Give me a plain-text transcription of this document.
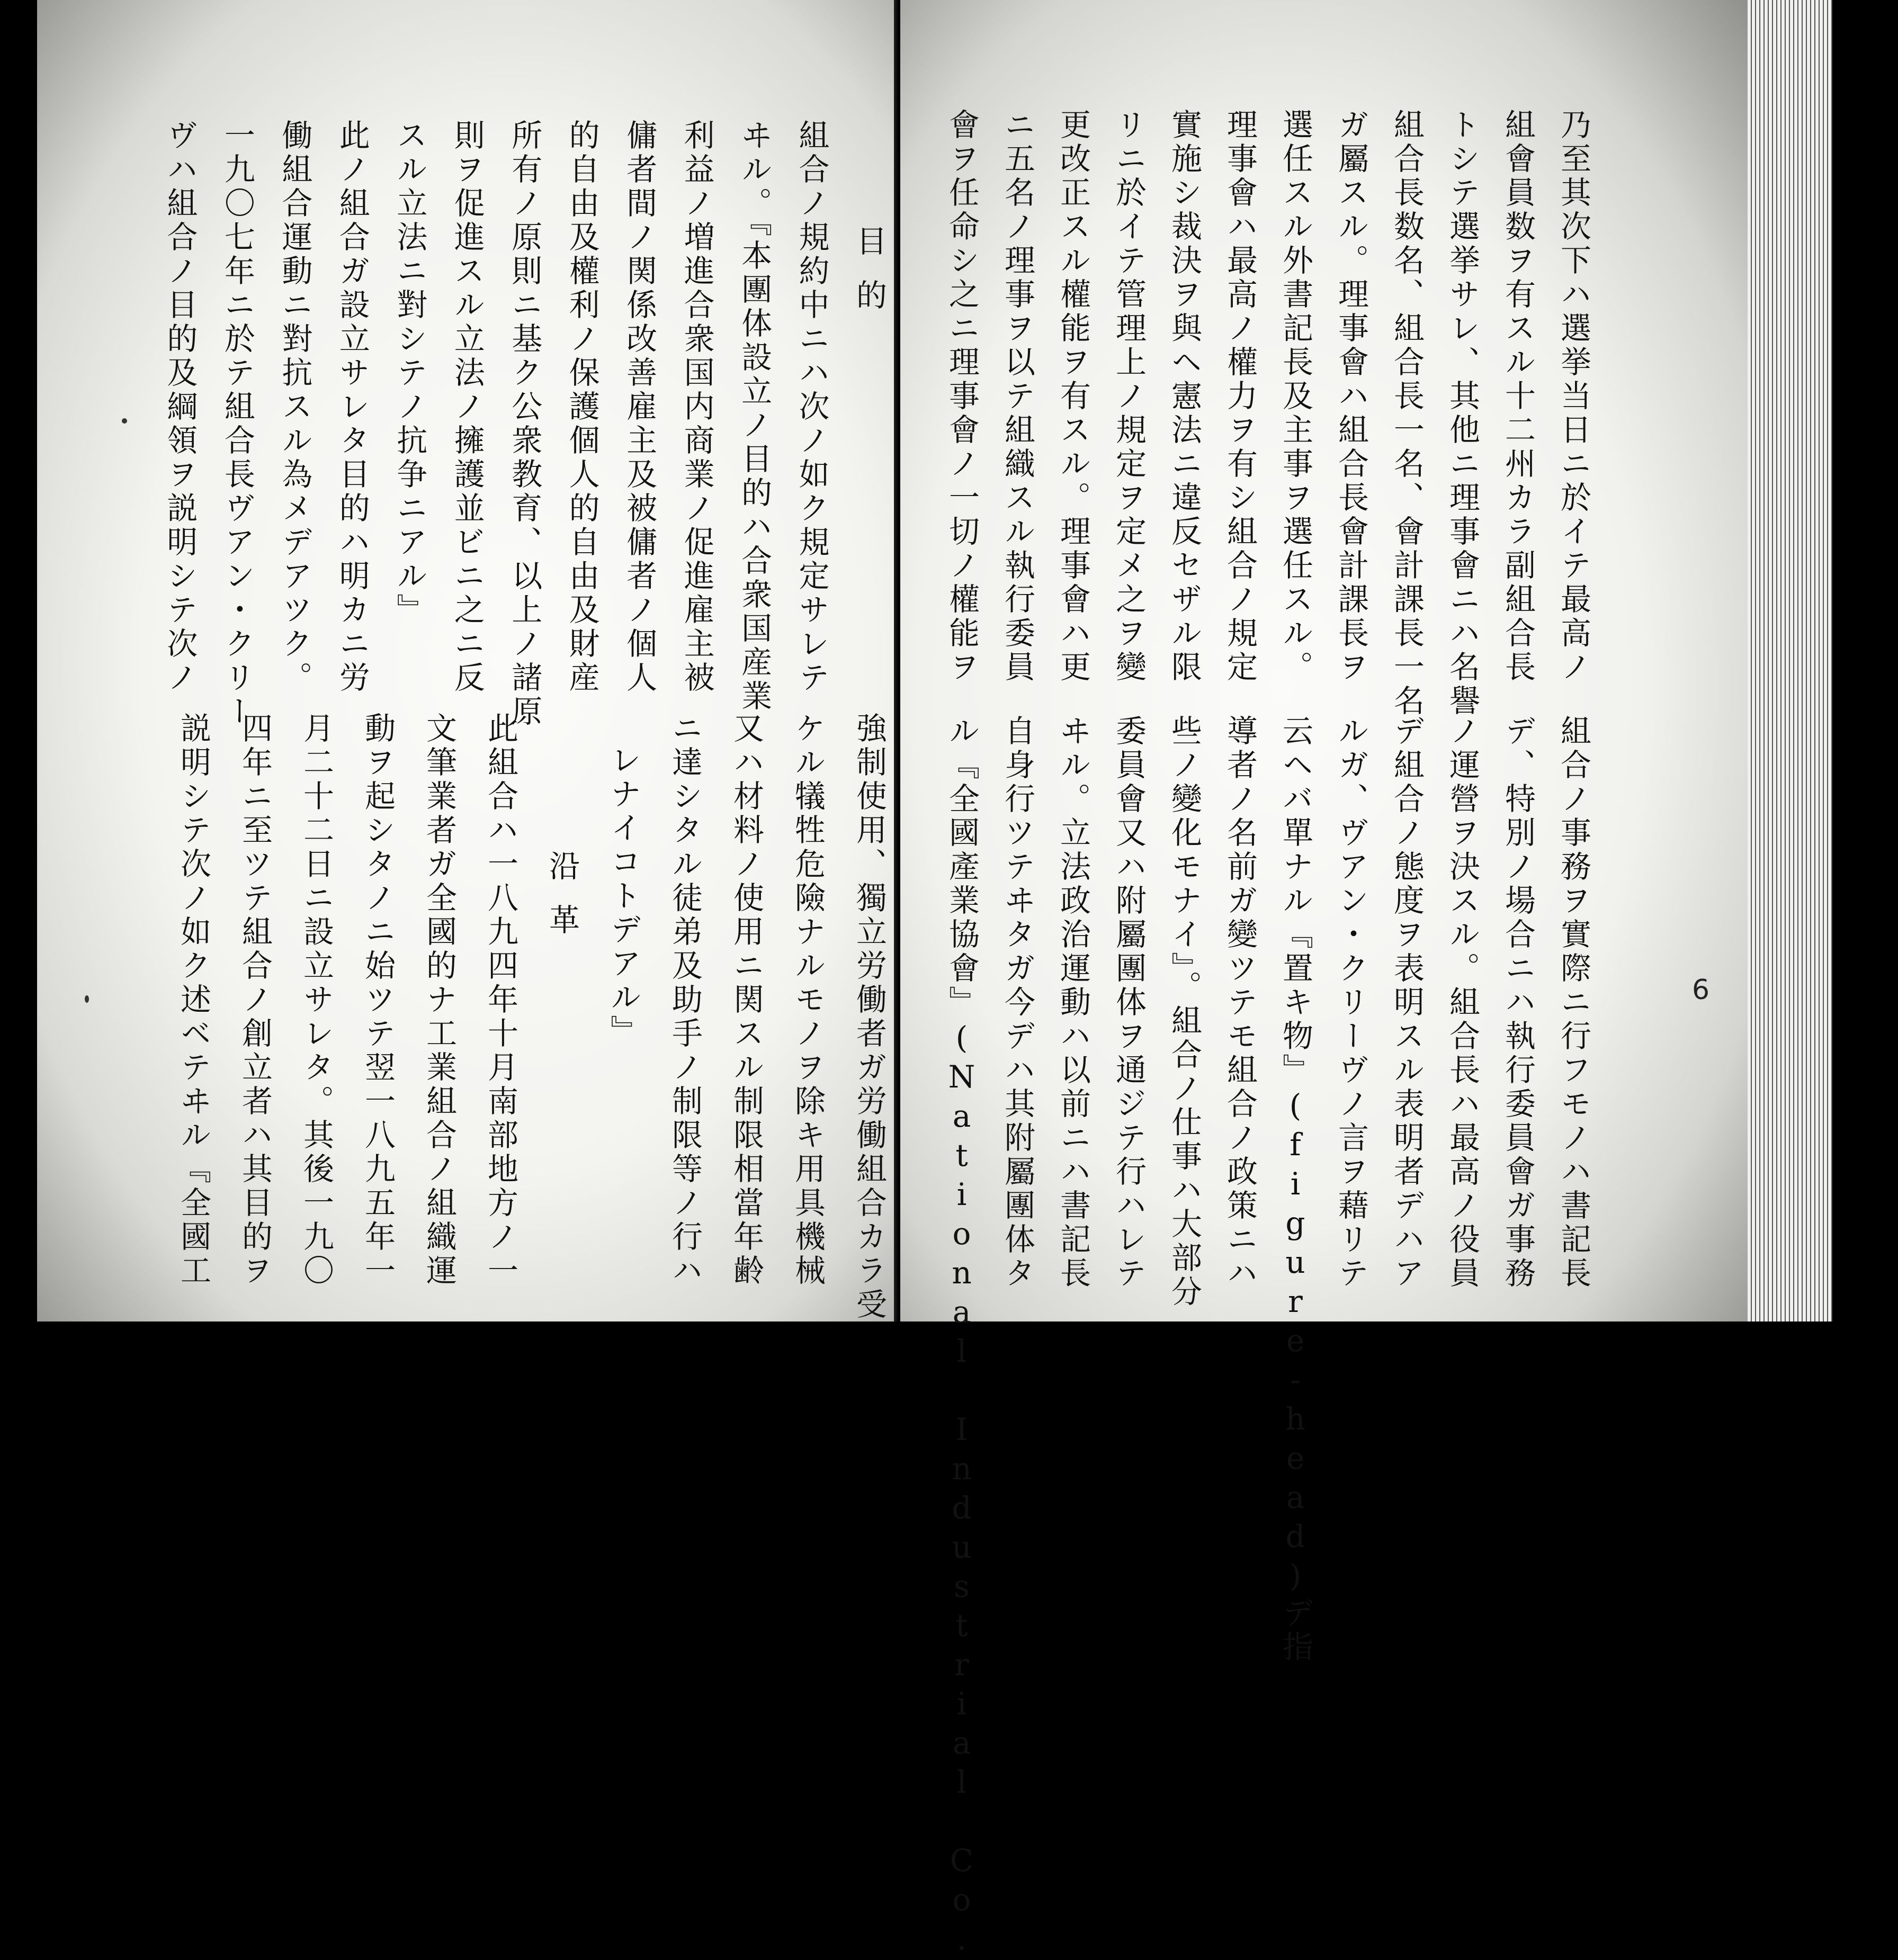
目的
組合ノ規約中ニハ次ノ如ク規定サレテ
ヰル。『本團体設立ノ目的ハ合衆国産業
利益ノ増進合衆国内商業ノ促進雇主被
傭者間ノ関係改善雇主及被傭者ノ個人
的自由及權利ノ保護個人的自由及財産
所有ノ原則ニ基ク公衆教育、以上ノ諸原
則ヲ促進スル立法ノ擁護並ビニ之ニ反
スル立法ニ對シテノ抗争ニアル』
此ノ組合ガ設立サレタ目的ハ明カニ労
働組合運動ニ對抗スル為メデアツク。
一九〇七年ニ於テ組合長ヴアン・クリー
ヴハ組合ノ目的及綱領ヲ説明シテ次ノ
強制使用、獨立労働者ガ労働組合カラ受
ケル犠牲危險ナルモノヲ除キ用具機械
又ハ材料ノ使用ニ関スル制限相當年齢
ニ達シタル徒弟及助手ノ制限等ノ行ハ
レナイコトデアル』
沿革
此組合ハ一八九四年十月南部地方ノ一
文筆業者ガ全國的ナ工業組合ノ組織運
動ヲ起シタノニ始ツテ翌一八九五年一
月二十二日ニ設立サレタ。其後一九〇
四年ニ至ツテ組合ノ創立者ハ其目的ヲ
説明シテ次ノ如ク述ベテヰル『全國工	6
乃至其次下ハ選挙当日ニ於イテ最高ノ
組會員数ヲ有スル十二州カラ副組合長
トシテ選挙サレ、其他ニ理事會ニハ名譽
組合長数名、組合長一名、會計課長一名
ガ屬スル。理事會ハ組合長會計課長ヲ
選任スル外書記長及主事ヲ選任スル。
理事會ハ最高ノ權力ヲ有シ組合ノ規定
實施シ裁決ヲ與ヘ憲法ニ違反セザル限
リニ於イテ管理上ノ規定ヲ定メ之ヲ變
更改正スル權能ヲ有スル。理事會ハ更
ニ五名ノ理事ヲ以テ組織スル執行委員
會ヲ任命シ之ニ理事會ノ一切ノ權能ヲ
組合ノ事務ヲ實際ニ行フモノハ書記長
デ、特別ノ場合ニハ執行委員會ガ事務
ノ運營ヲ決スル。組合長ハ最高ノ役員
デ組合ノ態度ヲ表明スル表明者デハア
ルガ、ヴアン・クリーヴノ言ヲ藉リテ
云ヘバ單ナル『置キ物』(figure-head)デ指
導者ノ名前ガ變ツテモ組合ノ政策ニハ
些ノ變化モナイ』。組合ノ仕事ハ大部分
委員會又ハ附屬團体ヲ通ジテ行ハレテ
ヰル。立法政治運動ハ以前ニハ書記長
自身行ツテヰタガ今デハ其附屬團体タ
ル『全國產業協會』(National Industrial Co.
